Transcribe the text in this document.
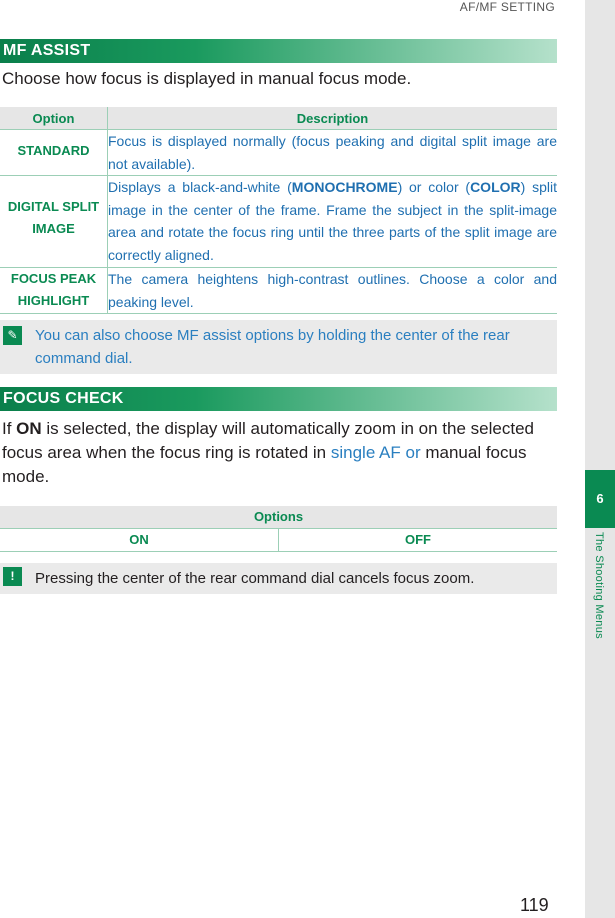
AF/MF SETTING
6
The Shooting Menus
MF ASSIST
Choose how focus is displayed in manual focus mode.
Option	Description
STANDARD	Focus is displayed normally (focus peaking and digital split image are not available).
DIGITAL SPLIT IMAGE	Displays a black-and-white (MONOCHROME) or color (COLOR) split image in the center of the frame. Frame the subject in the split-image area and rotate the focus ring until the three parts of the split image are correctly aligned.
FOCUS PEAK HIGHLIGHT	The camera heightens high-contrast outlines. Choose a color and peaking level.
✎ You can also choose MF assist options by holding the center of the rear command dial.
FOCUS CHECK
If ON is selected, the display will automatically zoom in on the selected focus area when the focus ring is rotated in single AF or manual focus mode.
Options
ON	OFF
!	Pressing the center of the rear command dial cancels focus zoom.
119
